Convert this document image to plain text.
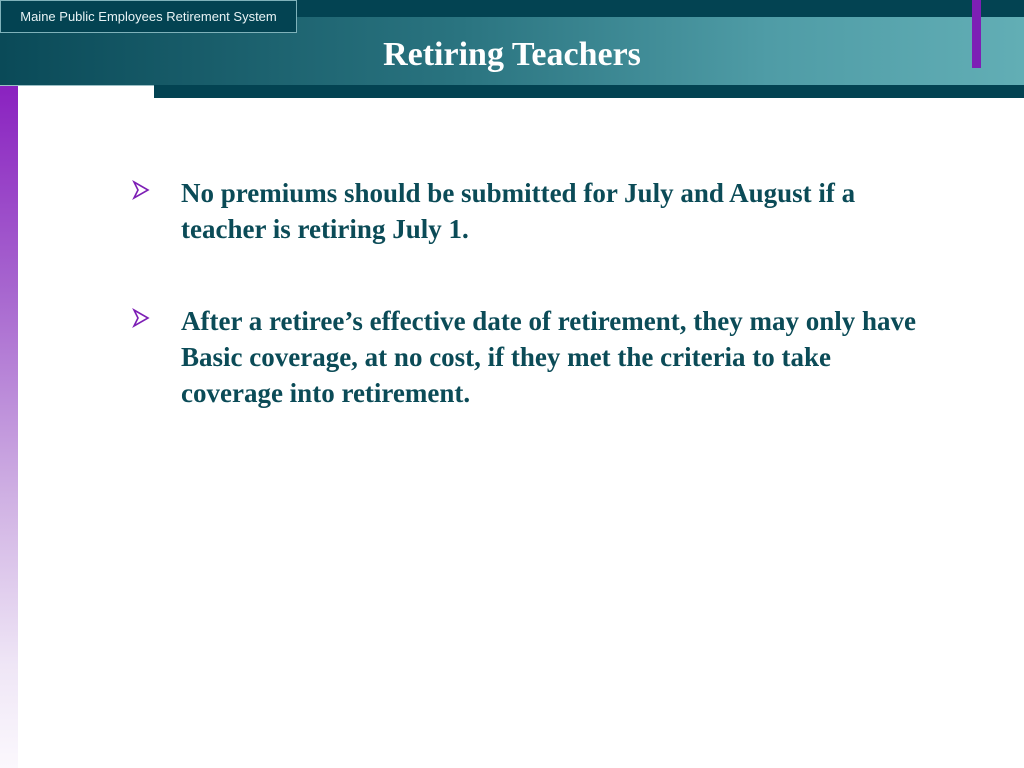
Maine Public Employees Retirement System
Retiring Teachers
No premiums should be submitted for July and August if a teacher is retiring July 1.
After a retiree’s effective date of retirement, they may only have Basic coverage, at no cost, if they met the criteria to take coverage into retirement.
